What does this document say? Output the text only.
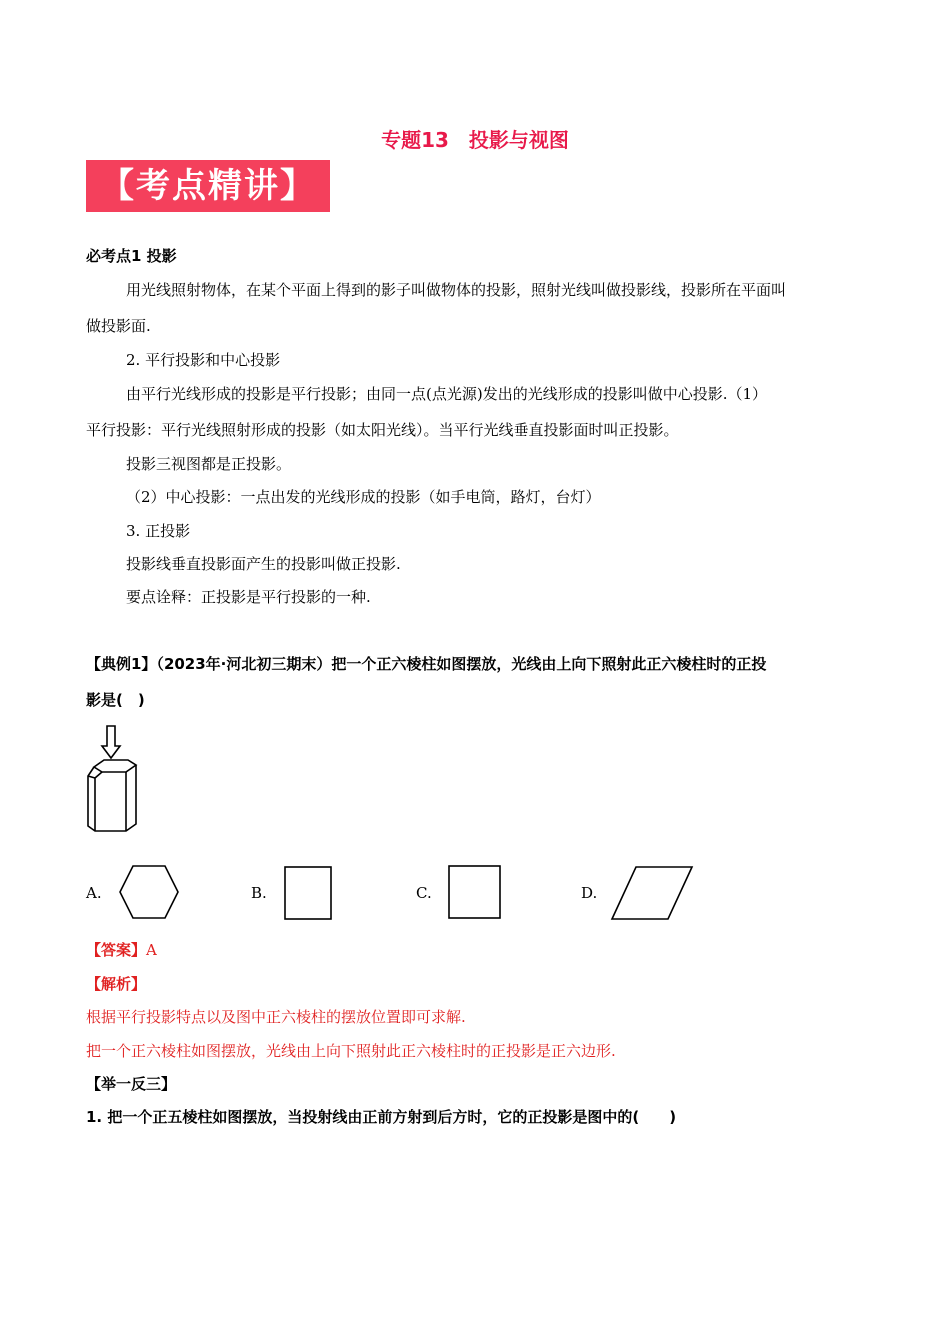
专题13　投影与视图
【考点精讲】
必考点1 投影
用光线照射物体，在某个平面上得到的影子叫做物体的投影，照射光线叫做投影线，投影所在平面叫
做投影面.
2. 平行投影和中心投影
由平行光线形成的投影是平行投影；由同一点(点光源)发出的光线形成的投影叫做中心投影.（1）
平行投影：平行光线照射形成的投影（如太阳光线）。当平行光线垂直投影面时叫正投影。
投影三视图都是正投影。
（2）中心投影：一点出发的光线形成的投影（如手电筒，路灯，台灯）
3. 正投影
投影线垂直投影面产生的投影叫做正投影.
要点诠释：正投影是平行投影的一种.
【典例1】（2023年·河北初三期末）把一个正六棱柱如图摆放，光线由上向下照射此正六棱柱时的正投
影是(　)
A.	B.	C.	D.
【答案】A
【解析】
根据平行投影特点以及图中正六棱柱的摆放位置即可求解.
把一个正六棱柱如图摆放，光线由上向下照射此正六棱柱时的正投影是正六边形.
【举一反三】
1. 把一个正五棱柱如图摆放，当投射线由正前方射到后方时，它的正投影是图中的(　　)
